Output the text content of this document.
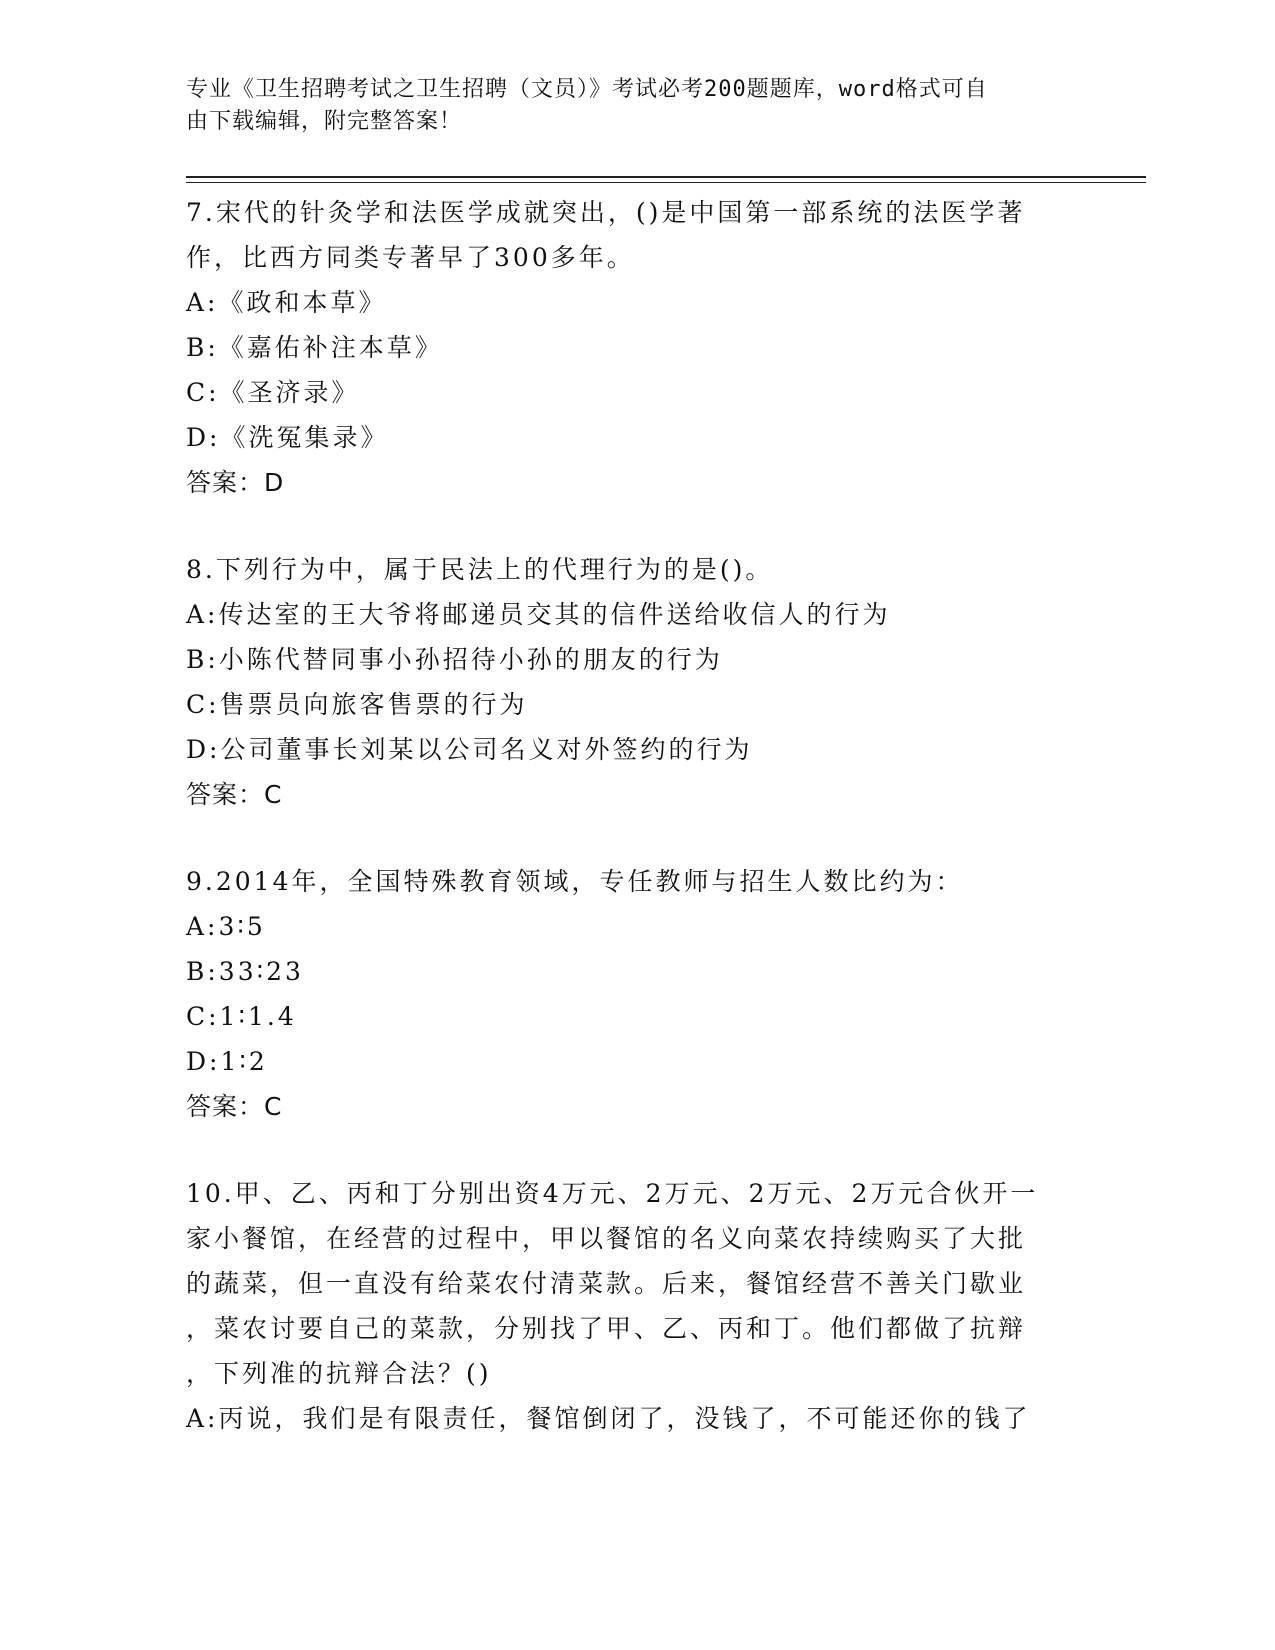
专业《卫生招聘考试之卫生招聘（文员）》考试必考200题题库，word格式可自
由下载编辑，附完整答案！

7.宋代的针灸学和法医学成就突出，()是中国第一部系统的法医学著

作，比西方同类专著早了300多年。

A:《政和本草》

B:《嘉佑补注本草》

C:《圣济录》

D:《洗冤集录》

答案：D

8.下列行为中，属于民法上的代理行为的是()。

A:传达室的王大爷将邮递员交其的信件送给收信人的行为

B:小陈代替同事小孙招待小孙的朋友的行为

C:售票员向旅客售票的行为

D:公司董事长刘某以公司名义对外签约的行为

答案：C

9.2014年，全国特殊教育领域，专任教师与招生人数比约为：

A:3∶5

B:33∶23

C:1∶1.4

D:1∶2

答案：C

10.甲、乙、丙和丁分别出资4万元、2万元、2万元、2万元合伙开一

家小餐馆，在经营的过程中，甲以餐馆的名义向菜农持续购买了大批

的蔬菜，但一直没有给菜农付清菜款。后来，餐馆经营不善关门歇业

，菜农讨要自己的菜款，分别找了甲、乙、丙和丁。他们都做了抗辩

，下列准的抗辩合法？()

A:丙说，我们是有限责任，餐馆倒闭了，没钱了，不可能还你的钱了
